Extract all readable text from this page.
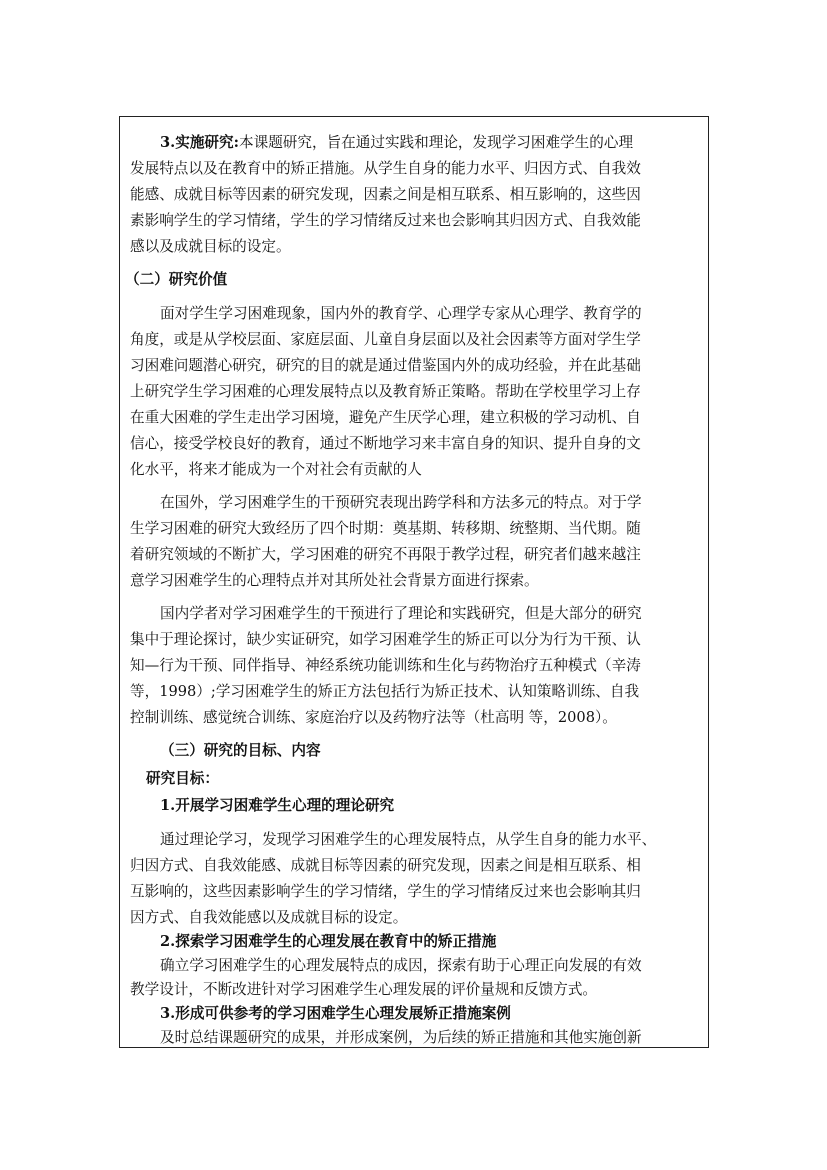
3.实施研究:本课题研究，旨在通过实践和理论，发现学习困难学生的心理
发展特点以及在教育中的矫正措施。从学生自身的能力水平、归因方式、自我效
能感、成就目标等因素的研究发现，因素之间是相互联系、相互影响的，这些因
素影响学生的学习情绪，学生的学习情绪反过来也会影响其归因方式、自我效能
感以及成就目标的设定。
（二）研究价值
面对学生学习困难现象，国内外的教育学、心理学专家从心理学、教育学的
角度，或是从学校层面、家庭层面、儿童自身层面以及社会因素等方面对学生学
习困难问题潜心研究，研究的目的就是通过借鉴国内外的成功经验，并在此基础
上研究学生学习困难的心理发展特点以及教育矫正策略。帮助在学校里学习上存
在重大困难的学生走出学习困境，避免产生厌学心理，建立积极的学习动机、自
信心，接受学校良好的教育，通过不断地学习来丰富自身的知识、提升自身的文
化水平，将来才能成为一个对社会有贡献的人
在国外，学习困难学生的干预研究表现出跨学科和方法多元的特点。对于学
生学习困难的研究大致经历了四个时期：奠基期、转移期、统整期、当代期。随
着研究领域的不断扩大，学习困难的研究不再限于教学过程，研究者们越来越注
意学习困难学生的心理特点并对其所处社会背景方面进行探索。
国内学者对学习困难学生的干预进行了理论和实践研究，但是大部分的研究
集中于理论探讨，缺少实证研究，如学习困难学生的矫正可以分为行为干预、认
知—行为干预、同伴指导、神经系统功能训练和生化与药物治疗五种模式（辛涛
等，1998）;学习困难学生的矫正方法包括行为矫正技术、认知策略训练、自我
控制训练、感觉统合训练、家庭治疗以及药物疗法等（杜高明 等，2008）。
（三）研究的目标、内容
研究目标：
1.开展学习困难学生心理的理论研究
通过理论学习，发现学习困难学生的心理发展特点，从学生自身的能力水平、
归因方式、自我效能感、成就目标等因素的研究发现，因素之间是相互联系、相
互影响的，这些因素影响学生的学习情绪，学生的学习情绪反过来也会影响其归
因方式、自我效能感以及成就目标的设定。
2.探索学习困难学生的心理发展在教育中的矫正措施
确立学习困难学生的心理发展特点的成因，探索有助于心理正向发展的有效
教学设计，不断改进针对学习困难学生心理发展的评价量规和反馈方式。
3.形成可供参考的学习困难学生心理发展矫正措施案例
及时总结课题研究的成果，并形成案例，为后续的矫正措施和其他实施创新
